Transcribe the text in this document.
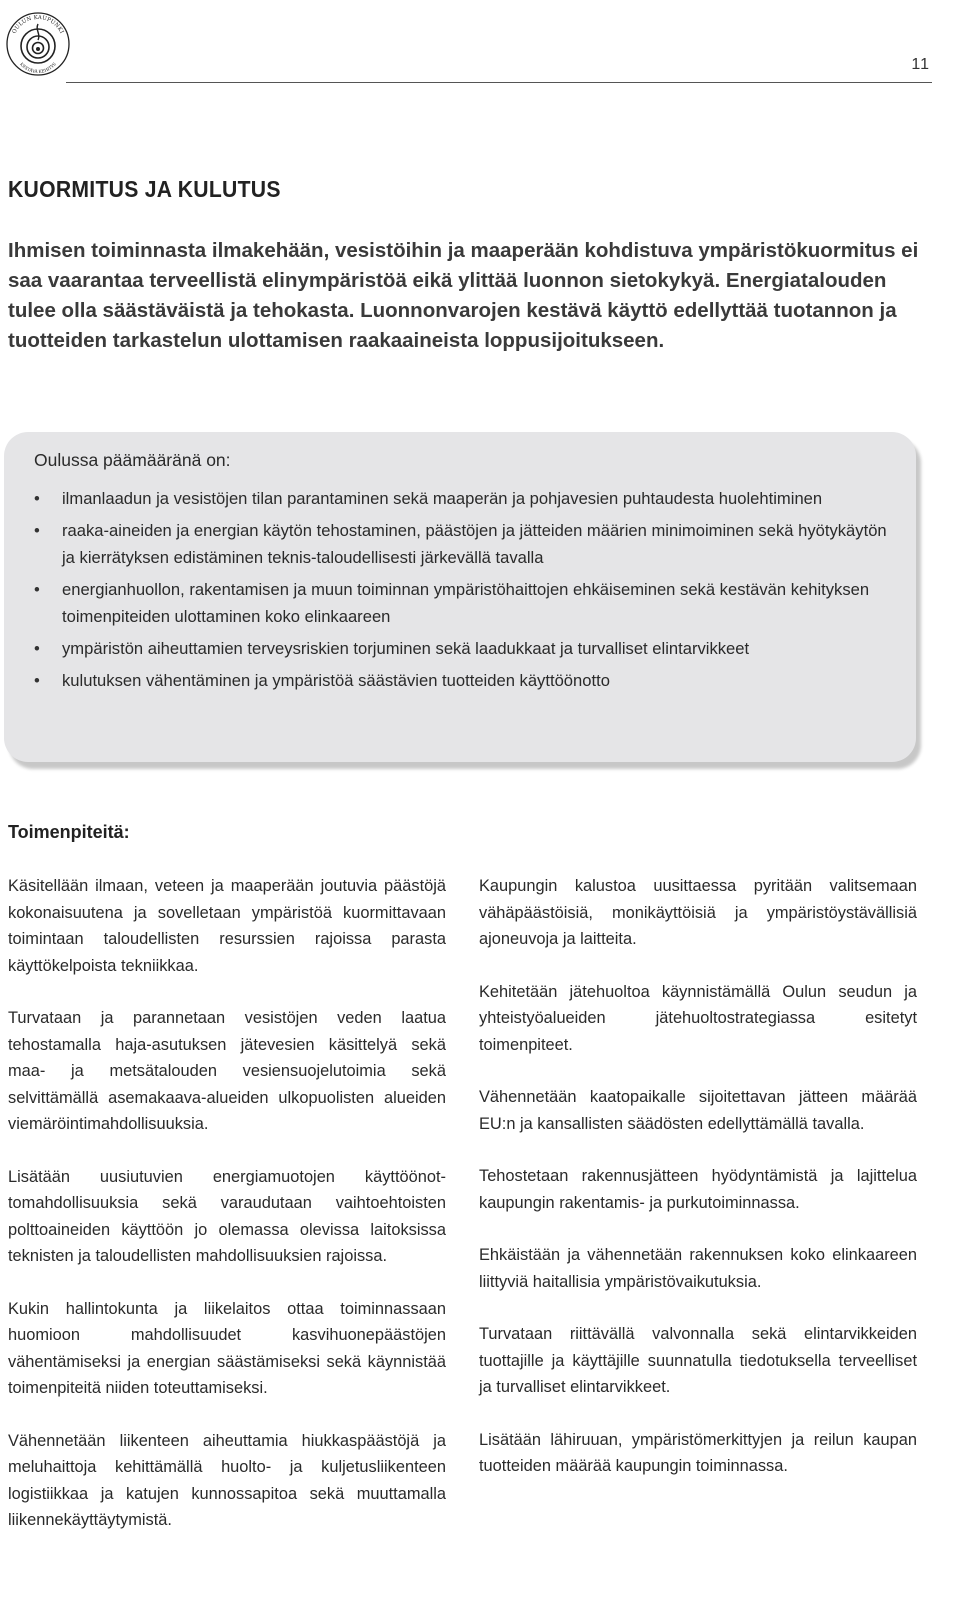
OULUN KAUPUNKI
KESTÄVÄ KEHITYS	11
KUORMITUS JA KULUTUS

Ihmisen toiminnasta ilmakehään, vesistöihin ja maaperään kohdistuva ympäristökuormitus ei saa vaarantaa terveellistä elinympäristöä eikä ylittää luonnon sietokykyä. Energiatalouden tulee olla säästäväistä ja tehokasta. Luonnonvarojen kestävä käyttö edellyttää tuotannon ja tuotteiden tarkastelun ulottamisen raakaaineista loppusijoitukseen.

Oulussa päämääränä on:
• ilmanlaadun ja vesistöjen tilan parantaminen sekä maaperän ja pohjavesien puhtaudesta huolehtiminen
• raaka-aineiden ja energian käytön tehostaminen, päästöjen ja jätteiden määrien minimoiminen sekä hyötykäytön ja kierrätyksen edistäminen teknis-taloudellisesti järkevällä tavalla
• energianhuollon, rakentamisen ja muun toiminnan ympäristöhaittojen ehkäiseminen sekä kestävän kehityksen toimenpiteiden ulottaminen koko elinkaareen
• ympäristön aiheuttamien terveysriskien torjuminen sekä laadukkaat ja turvalliset elintarvikkeet
• kulutuksen vähentäminen ja ympäristöä säästävien tuotteiden käyttöönotto
Toimenpiteitä:

Käsitellään ilmaan, veteen ja maaperään joutuvia päästöjä kokonaisuutena ja sovelletaan ympäristöä kuormittavaan toimintaan taloudellisten resurssien rajoissa parasta käyttökelpoista tekniikkaa.

Turvataan ja parannetaan vesistöjen veden laatua tehostamalla haja-asutuksen jätevesien käsittelyä sekä maa- ja metsätalouden vesiensuojelutoimia sekä selvittämällä asemakaava-alueiden ulkopuolisten alueiden viemäröintimahdollisuuksia.

Lisätään uusiutuvien energiamuotojen käyttöönottomahdollisuuksia sekä varaudutaan vaihtoehtoisten polttoaineiden käyttöön jo olemassa olevissa laitoksissa teknisten ja taloudellisten mahdollisuuksien rajoissa.

Kukin hallintokunta ja liikelaitos ottaa toiminnassaan huomioon mahdollisuudet kasvihuonepäästöjen vähentämiseksi ja energian säästämiseksi sekä käynnistää toimenpiteitä niiden toteuttamiseksi.

Vähennetään liikenteen aiheuttamia hiukkaspäästöjä ja meluhaittoja kehittämällä huolto- ja kuljetusliikenteen logistiikkaa ja katujen kunnossapitoa sekä muuttamalla liikennekäyttäytymistä.

Kaupungin kalustoa uusittaessa pyritään valitsemaan vähäpäästöisiä, monikäyttöisiä ja ympäristöystävällisiä ajoneuvoja ja laitteita.

Kehitetään jätehuoltoa käynnistämällä Oulun seudun ja yhteistyöalueiden jätehuoltostrategiassa esitetyt toimenpiteet.

Vähennetään kaatopaikalle sijoitettavan jätteen määrää EU:n ja kansallisten säädösten edellyttämällä tavalla.

Tehostetaan rakennusjätteen hyödyntämistä ja lajittelua kaupungin rakentamis- ja purkutoiminnassa.

Ehkäistään ja vähennetään rakennuksen koko elinkaareen liittyviä haitallisia ympäristövaikutuksia.

Turvataan riittävällä valvonnalla sekä elintarvikkeiden tuottajille ja käyttäjille suunnatulla tiedotuksella terveelliset ja turvalliset elintarvikkeet.

Lisätään lähiruuan, ympäristömerkittyjen ja reilun kaupan tuotteiden määrää kaupungin toiminnassa.
